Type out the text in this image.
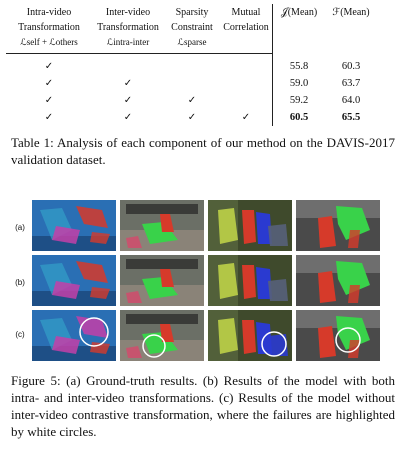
Intra-video	Inter-video	Sparsity	Mutual	𝒥(Mean)	ℱ(Mean)
Transformation	Transformation	Constraint	Correlation		
ℒself + ℒothers	ℒintra-inter	ℒsparse			
✓				55.8	60.3
✓	✓			59.0	63.7
✓	✓	✓		59.2	64.0
✓	✓	✓	✓	60.5	65.5
Table 1: Analysis of each component of our method on the DAVIS-2017 validation dataset.
(a)
(b)
(c)
Figure 5: (a) Ground-truth results. (b) Results of the model with both intra- and inter-video transformations. (c) Results of the model without inter-video contrastive transformation, where the failures are highlighted by white circles.
